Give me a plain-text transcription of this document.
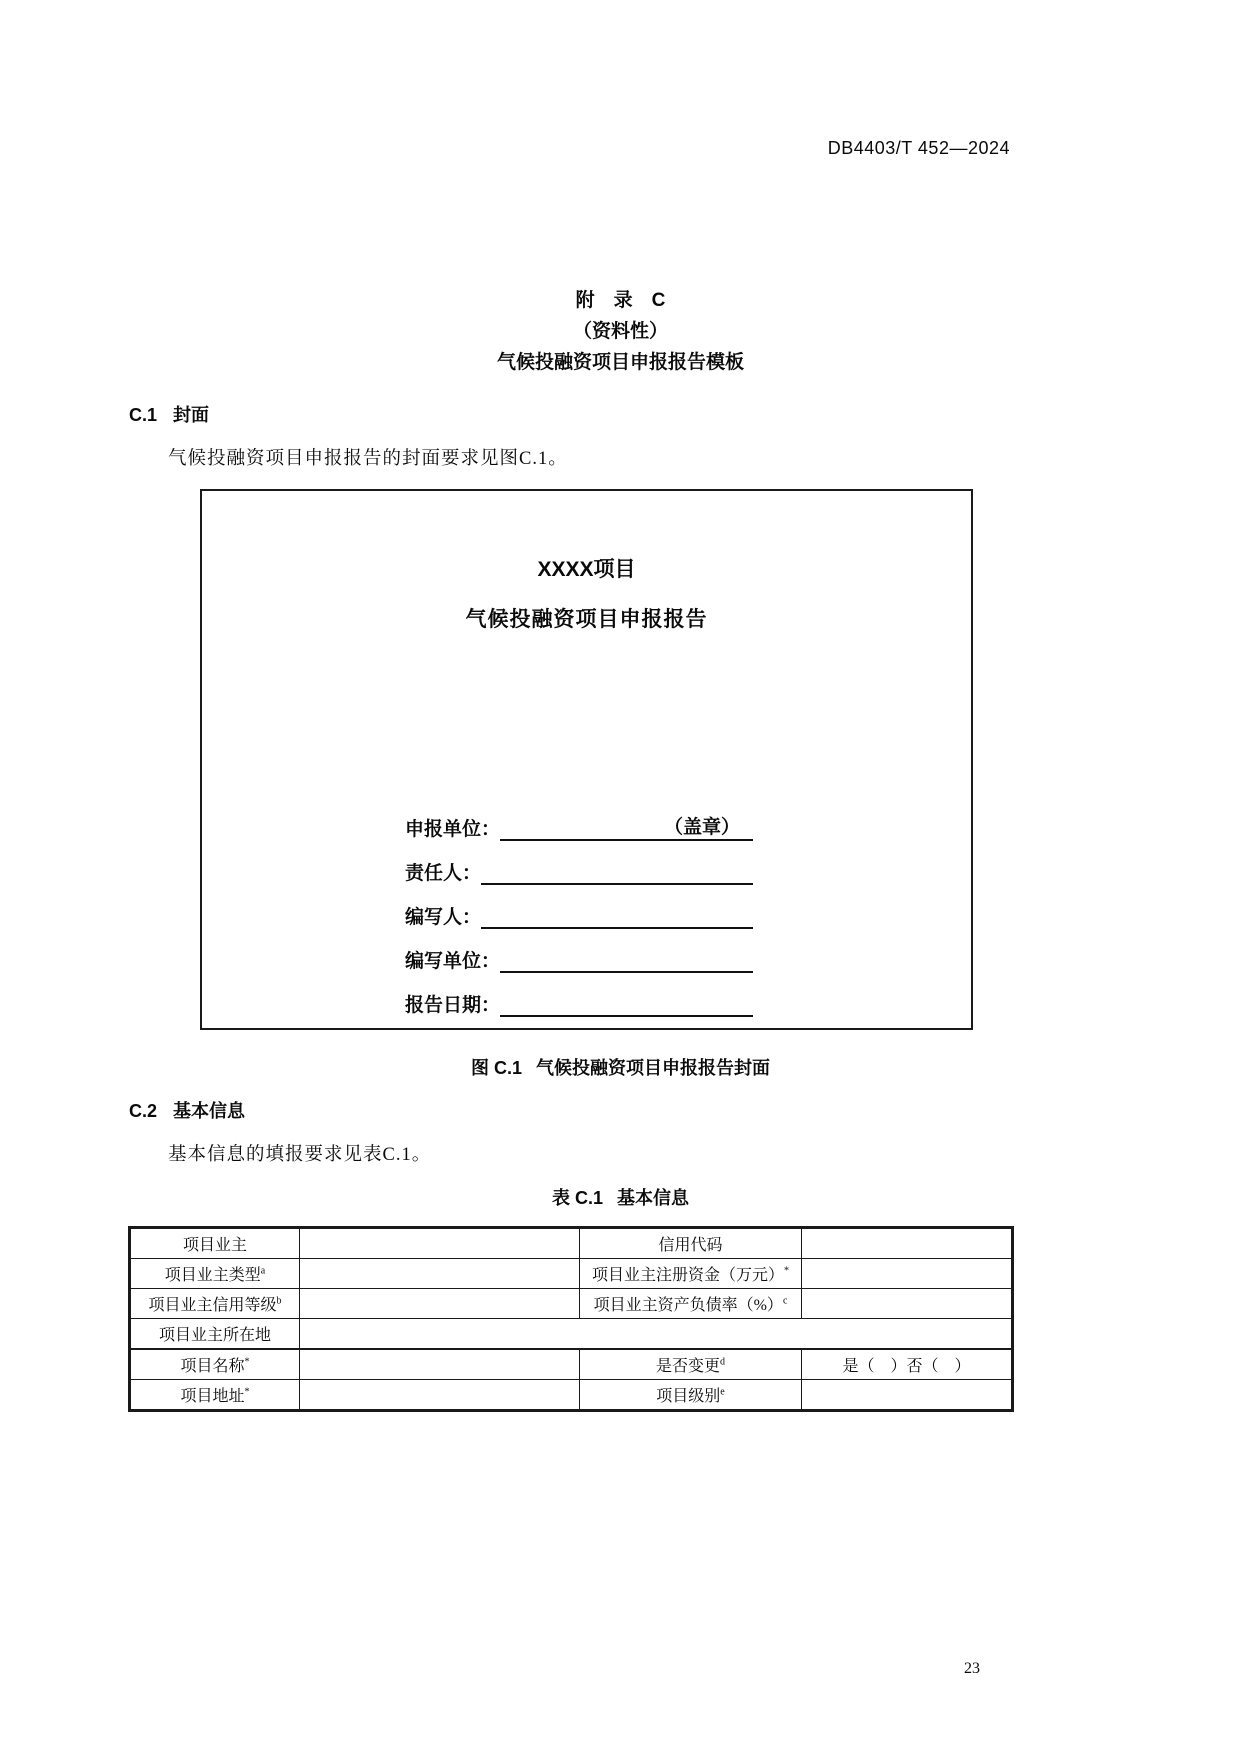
DB4403/T 452—2024
附　录　C
（资料性）
气候投融资项目申报报告模板
C.1 封面

气候投融资项目申报报告的封面要求见图C.1。

XXXX项目
气候投融资项目申报报告
申报单位：	（盖章）
责任人：
编写人：
编写单位：
报告日期：
图 C.1 气候投融资项目申报报告封面
C.2 基本信息

基本信息的填报要求见表C.1。

表 C.1 基本信息
项目业主		信用代码	
项目业主类型$^a$		项目业主注册资金（万元）*	
项目业主信用等级$^b$		项目业主资产负债率（%）$^c$	
项目业主所在地			
项目名称*		是否变更$^d$	是（　）否（　）
项目地址*		项目级别$^e$	
23
